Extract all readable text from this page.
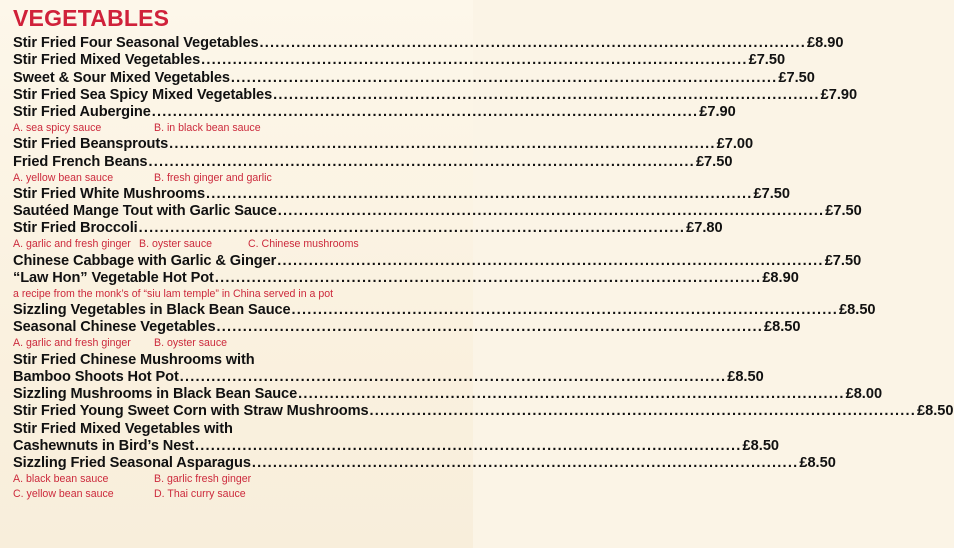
VEGETABLES
Stir Fried Four Seasonal Vegetables ........................................................................................................ £8.90
Stir Fried Mixed Vegetables ........................................................................................................ £7.50
Sweet & Sour Mixed Vegetables ........................................................................................................ £7.50
Stir Fried Sea Spicy Mixed Vegetables ........................................................................................................ £7.90
Stir Fried Aubergine ........................................................................................................ £7.90
A. sea spicy sauce	B. in black bean sauce
Stir Fried Beansprouts ........................................................................................................ £7.00
Fried French Beans ........................................................................................................ £7.50
A. yellow bean sauce	B. fresh ginger and garlic
Stir Fried White Mushrooms ........................................................................................................ £7.50
Sautéed Mange Tout with Garlic Sauce ........................................................................................................ £7.50
Stir Fried Broccoli ........................................................................................................ £7.80
A. garlic and fresh ginger B. oyster sauce	C. Chinese mushrooms
Chinese Cabbage with Garlic & Ginger ........................................................................................................ £7.50
“Law Hon” Vegetable Hot Pot ........................................................................................................ £8.90
a recipe from the monk’s of “siu lam temple” in China served in a pot
Sizzling Vegetables in Black Bean Sauce ........................................................................................................ £8.50
Seasonal Chinese Vegetables ........................................................................................................ £8.50
A. garlic and fresh ginger	B. oyster sauce
Stir Fried Chinese Mushrooms with
Bamboo Shoots Hot Pot ........................................................................................................ £8.50
Sizzling Mushrooms in Black Bean Sauce ........................................................................................................ £8.00
Stir Fried Young Sweet Corn with Straw Mushrooms ........................................................................................................ £8.50
Stir Fried Mixed Vegetables with
Cashewnuts in Bird’s Nest ........................................................................................................ £8.50
Sizzling Fried Seasonal Asparagus ........................................................................................................ £8.50
A. black bean sauce	B. garlic fresh ginger
C. yellow bean sauce	D. Thai curry sauce
